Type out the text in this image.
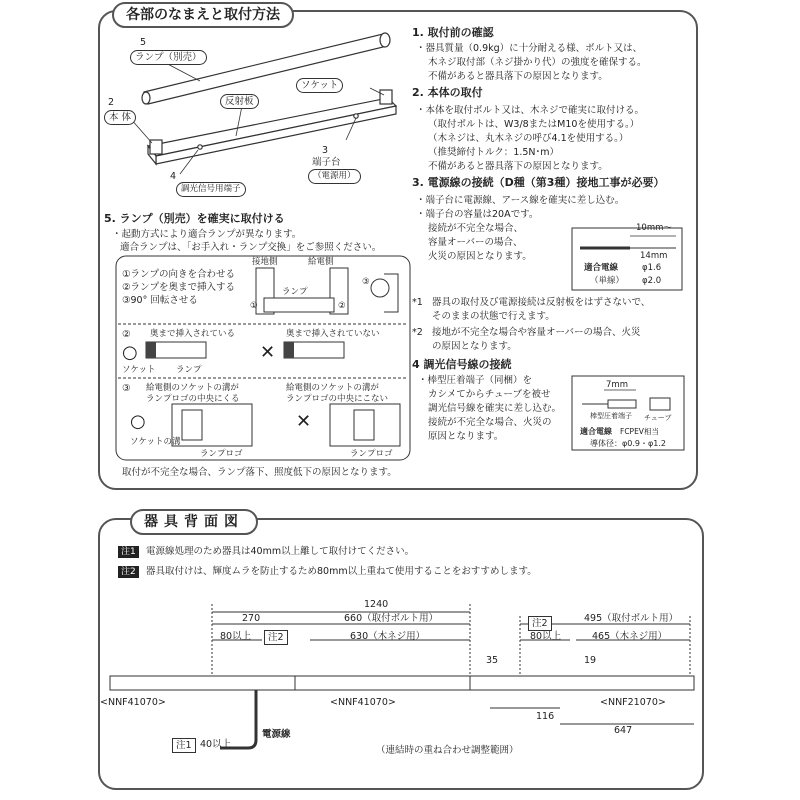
各部のなまえと取付方法
器具背面図
5
ランプ（別売）
2
本 体
反射板
ソケット
3
端子台
（電源用）
4
調光信号用端子
1. 取付前の確認
・器具質量（0.9kg）に十分耐える様、ボルト又は、
木ネジ取付部（ネジ掛かり代）の強度を確保する。
不備があると器具落下の原因となります。
2. 本体の取付
・本体を取付ボルト又は、木ネジで確実に取付ける。
（取付ボルトは、W3/8またはM10を使用する。）
（木ネジは、丸木ネジの呼び4.1を使用する。）
（推奨締付トルク：1.5N･m）
不備があると器具落下の原因となります。
3. 電源線の接続（D種（第3種）接地工事が必要）
・端子台に電源線、アース線を確実に差し込む。
・端子台の容量は20Aです。
接続が不完全な場合、
容量オーバーの場合、
火災の原因となります。
10mm〜
14mm
適合電線
（単線）
φ1.6
φ2.0
*1 器具の取付及び電源接続は反射板をはずさないで、
そのままの状態で行えます。
*2 接地が不完全な場合や容量オーバーの場合、火災
の原因となります。
4 調光信号線の接続
・棒型圧着端子（同梱）を
カシメてからチューブを被せ
調光信号線を確実に差し込む。
接続が不完全な場合、火災の
原因となります。
7mm
棒型圧着端子 チューブ
適合電線 FCPEV相当
導体径：φ0.9・φ1.2
5. ランプ（別売）を確実に取付ける
・起動方式により適合ランプが異なります。
適合ランプは、「お手入れ・ランプ交換」をご参照ください。
①ランプの向きを合わせる
②ランプを奥まで挿入する
③90° 回転させる
接地側	給電側
ランプ
①	②
③
② 奥まで挿入されている	奥まで挿入されていない
○	✕
ソケット ランプ
③ 給電側のソケットの溝が
ランプロゴの中央にくる
給電側のソケットの溝が
ランプロゴの中央にこない
○	✕
ソケットの溝
ランプロゴ	ランプロゴ
取付が不完全な場合、ランプ落下、照度低下の原因となります。
注1	電源線処理のため器具は40mm以上離して取付けてください。
注2	器具取付けは、輝度ムラを防止するため80mm以上重ねて使用することをおすすめします。
1240
270	660（取付ボルト用）
80以上	注2	630（木ネジ用）
注2
80以上
495（取付ボルト用）
465（木ネジ用）
35	19
<NNF41070>	<NNF41070>	<NNF21070>
116
647
電源線
注1 40以上
（連結時の重ね合わせ調整範囲）
